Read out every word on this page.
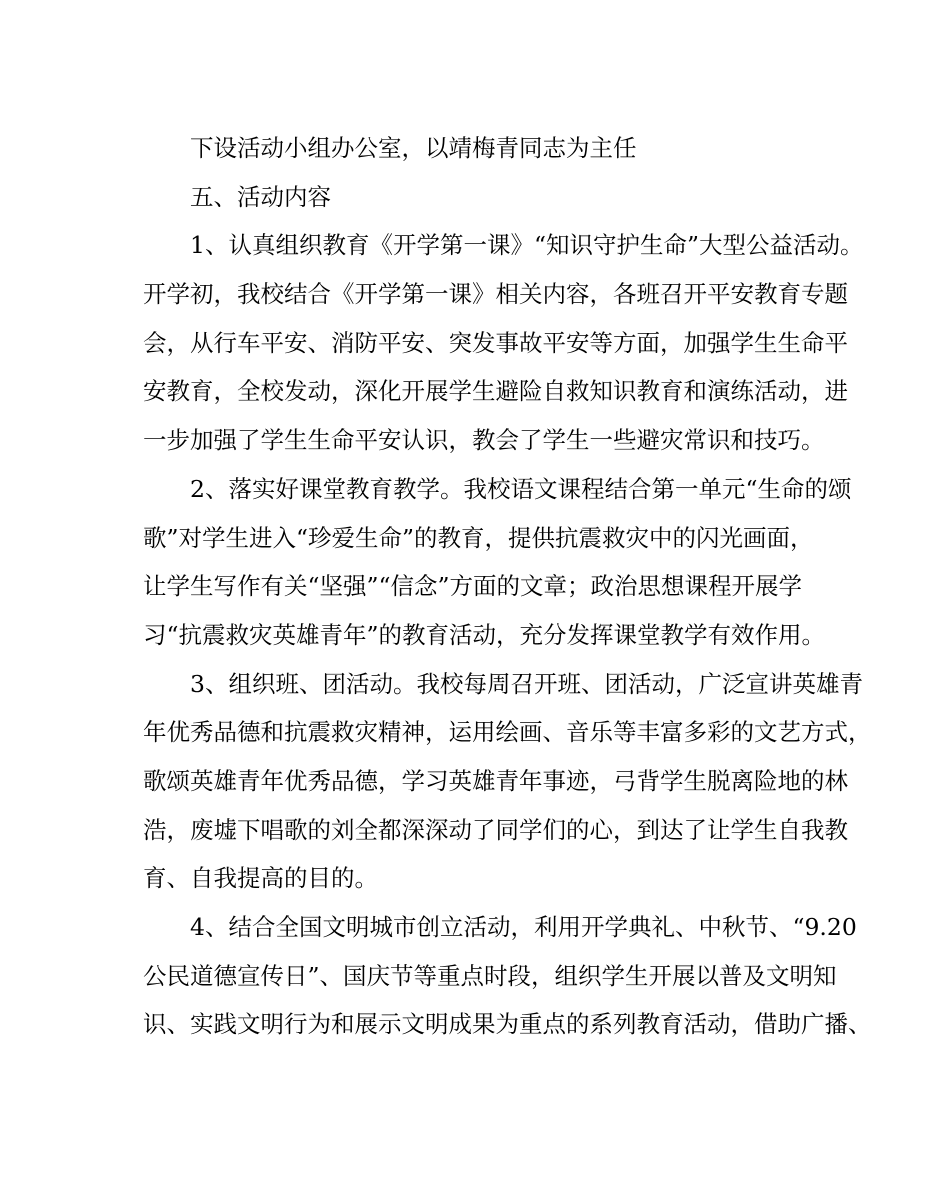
下设活动小组办公室，以靖梅青同志为主任
五、活动内容
1、认真组织教育《开学第一课》“知识守护生命”大型公益活动。
开学初，我校结合《开学第一课》相关内容，各班召开平安教育专题
会，从行车平安、消防平安、突发事故平安等方面，加强学生生命平
安教育，全校发动，深化开展学生避险自救知识教育和演练活动，进
一步加强了学生生命平安认识，教会了学生一些避灾常识和技巧。
2、落实好课堂教育教学。我校语文课程结合第一单元“生命的颂
歌”对学生进入“珍爱生命”的教育，提供抗震救灾中的闪光画面，
让学生写作有关“坚强”“信念”方面的文章；政治思想课程开展学
习“抗震救灾英雄青年”的教育活动，充分发挥课堂教学有效作用。
3、组织班、团活动。我校每周召开班、团活动，广泛宣讲英雄青
年优秀品德和抗震救灾精神，运用绘画、音乐等丰富多彩的文艺方式，
歌颂英雄青年优秀品德，学习英雄青年事迹，弓背学生脱离险地的林
浩，废墟下唱歌的刘全都深深动了同学们的心，到达了让学生自我教
育、自我提高的目的。
4、结合全国文明城市创立活动，利用开学典礼、中秋节、“9.20
公民道德宣传日”、国庆节等重点时段，组织学生开展以普及文明知
识、实践文明行为和展示文明成果为重点的系列教育活动，借助广播、
